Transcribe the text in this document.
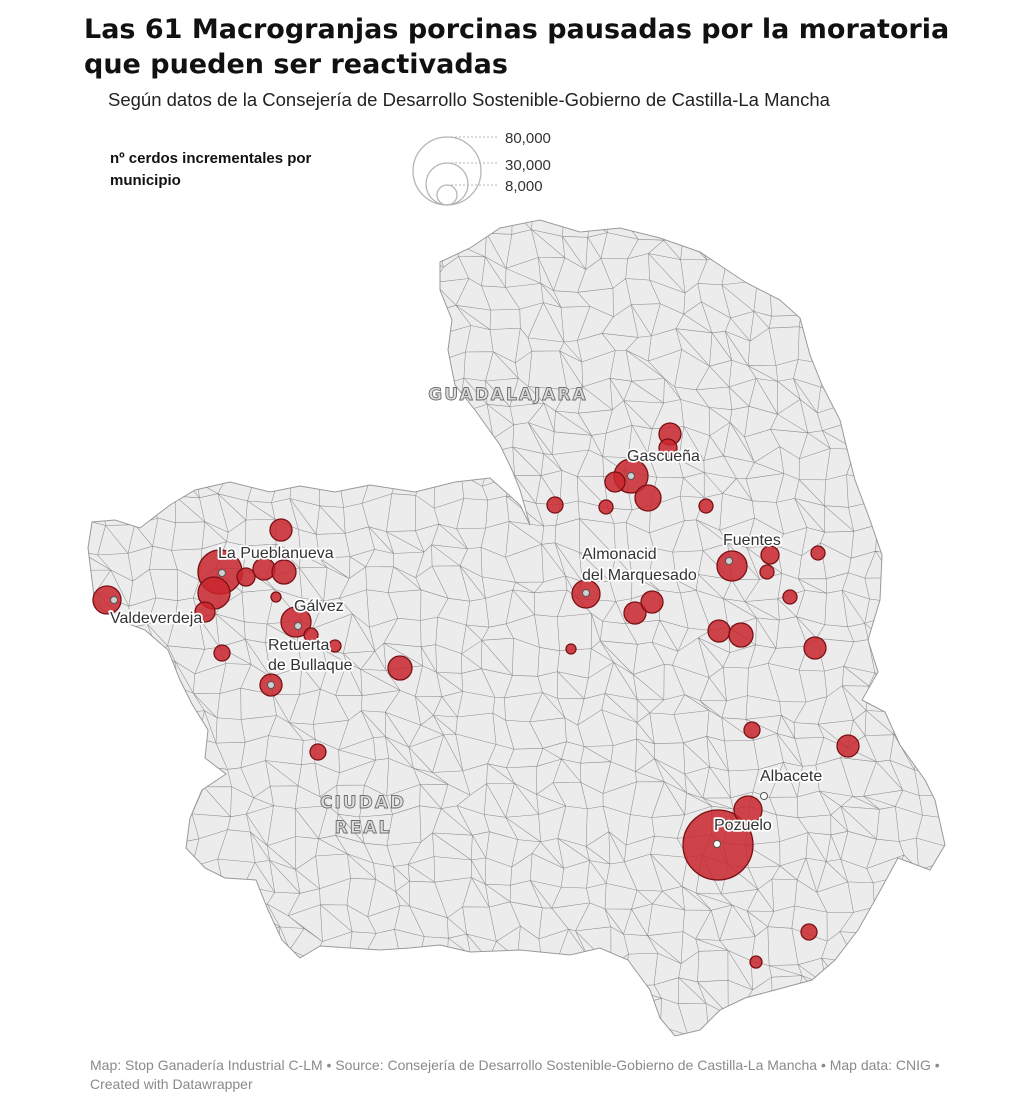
Las 61 Macrogranjas porcinas pausadas por la moratoria que pueden ser reactivadas
Según datos de la Consejería de Desarrollo Sostenible-Gobierno de Castilla-La Mancha
nº cerdos incrementales por municipio
80,000
30,000
8,000
GUADALAJARA
CIUDAD
REAL
Gascueña
La Pueblanueva
Fuentes
Almonacid
del Marquesado
Gálvez
Valdeverdeja
Retuerta
de Bullaque
Albacete
Pozuelo
Map: Stop Ganadería Industrial C-LM • Source: Consejería de Desarrollo Sostenible-Gobierno de Castilla-La Mancha • Map data: CNIG • Created with Datawrapper
